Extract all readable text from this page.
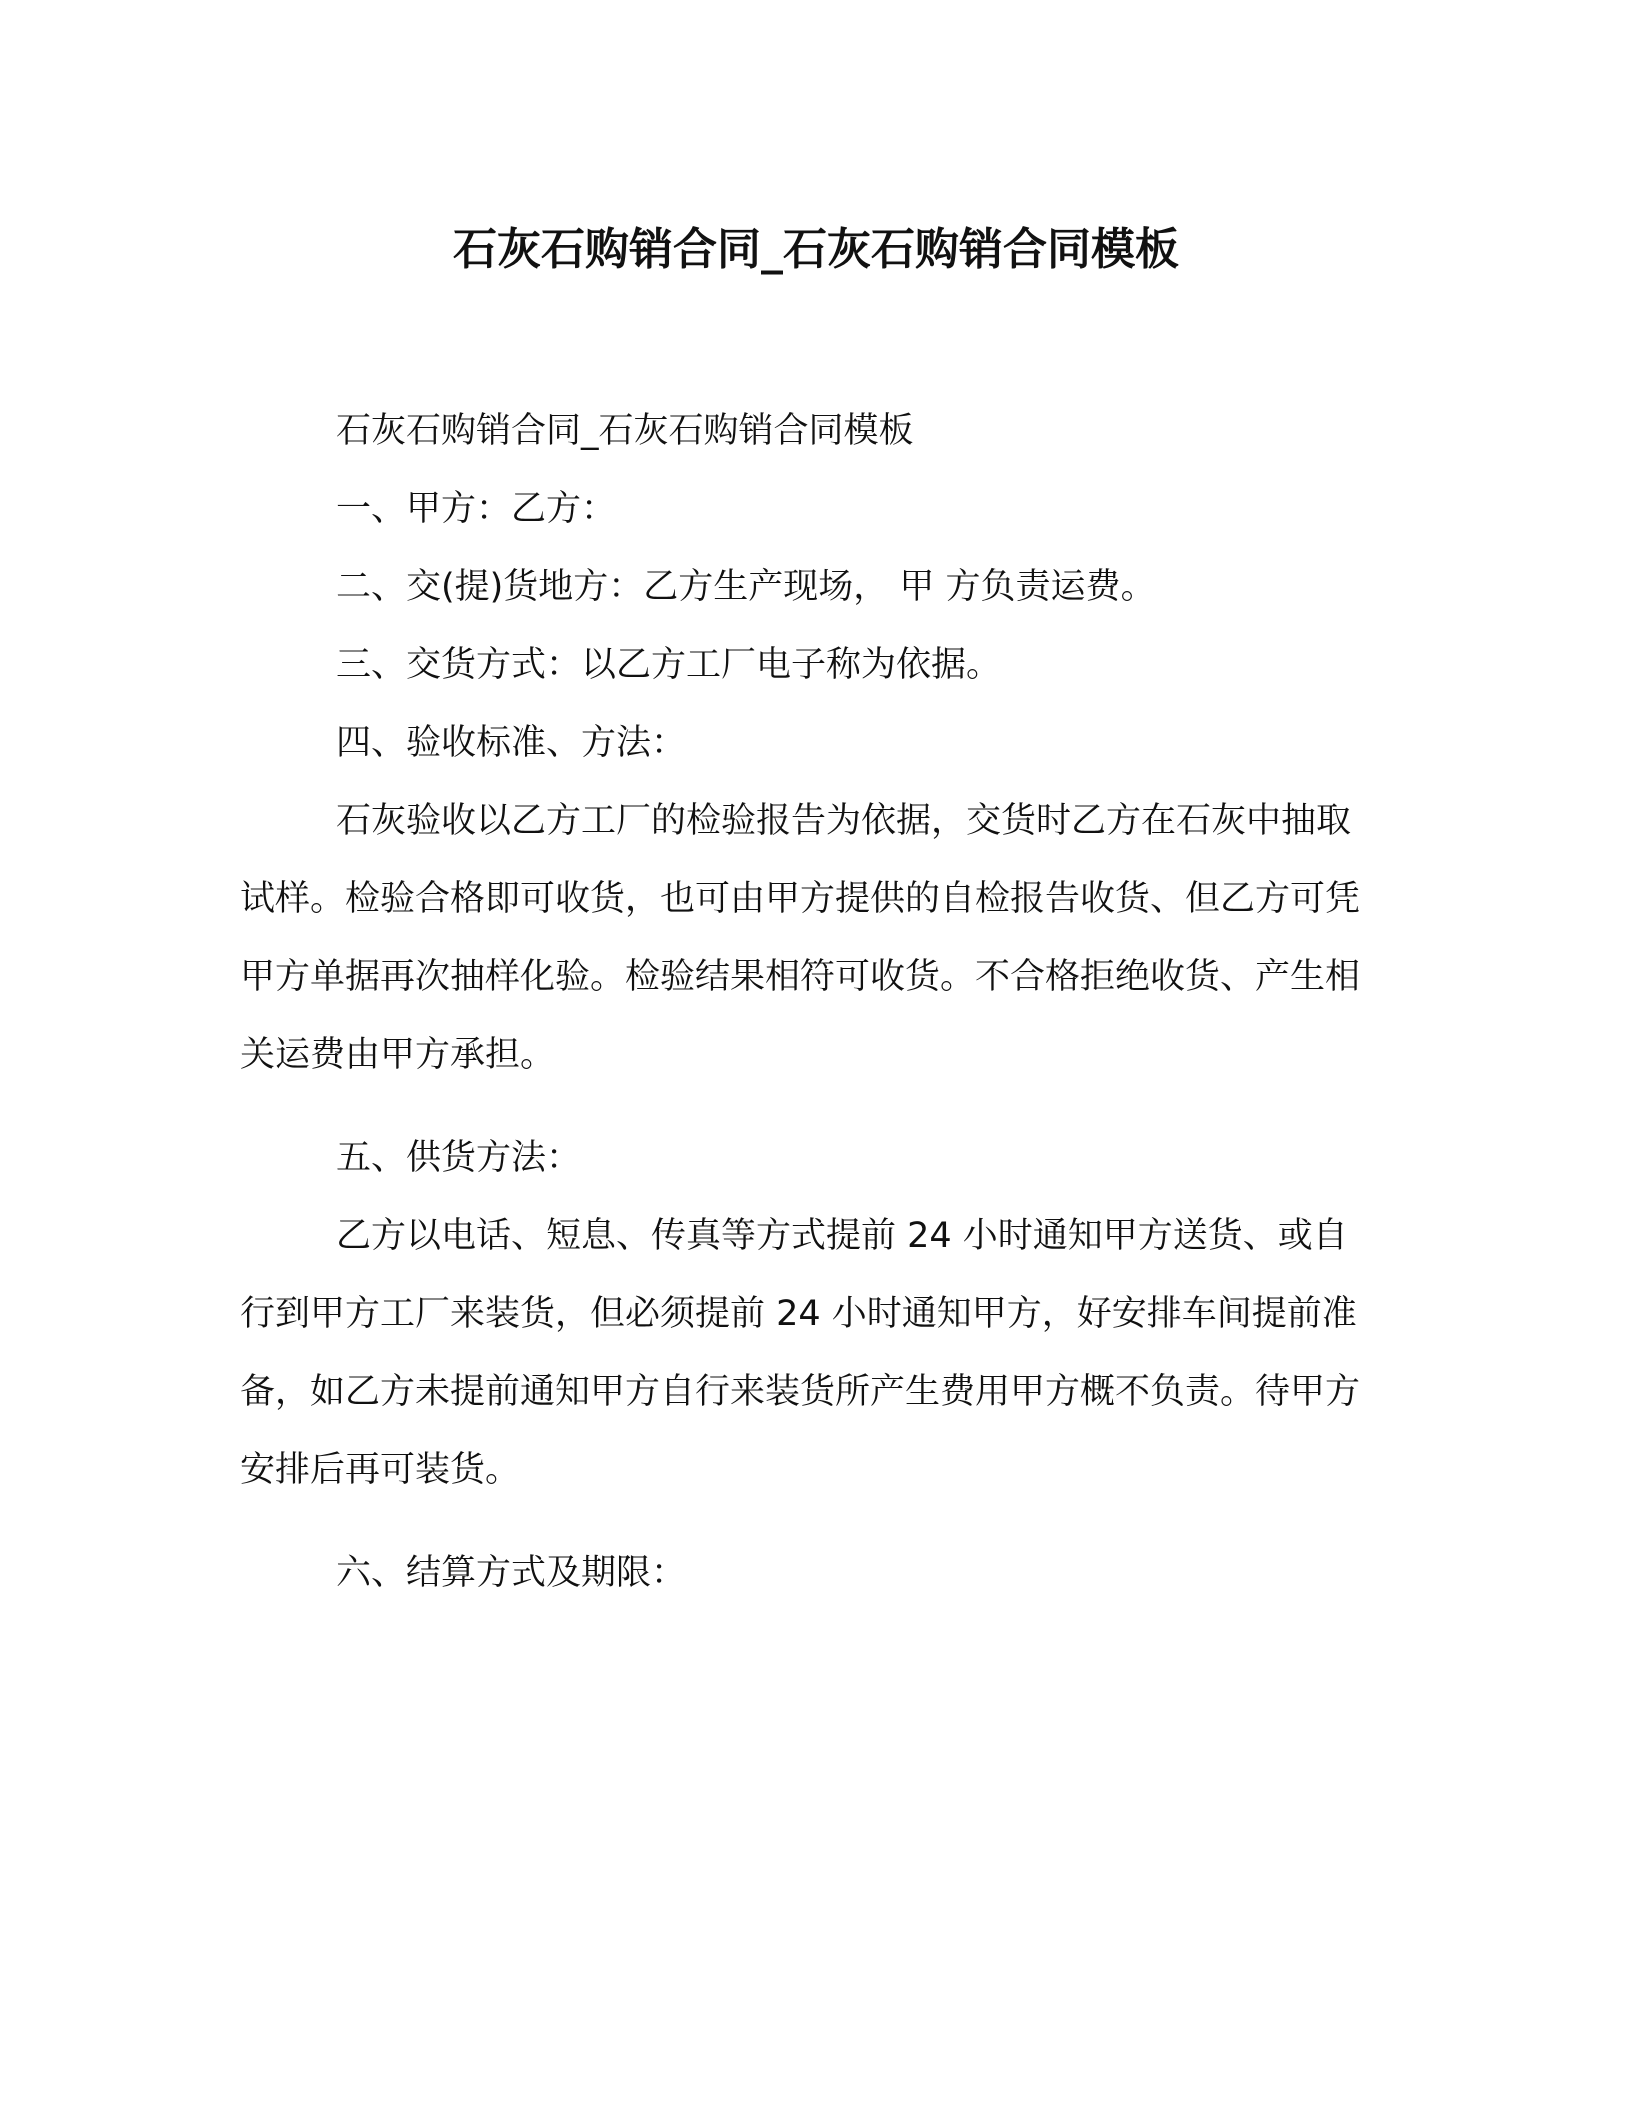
石灰石购销合同_石灰石购销合同模板

石灰石购销合同_石灰石购销合同模板

一、甲方：乙方：

二、交(提)货地方：乙方生产现场， 甲 方负责运费。

三、交货方式：以乙方工厂电子称为依据。

四、验收标准、方法：

石灰验收以乙方工厂的检验报告为依据，交货时乙方在石灰中抽取试样。检验合格即可收货，也可由甲方提供的自检报告收货、但乙方可凭甲方单据再次抽样化验。检验结果相符可收货。不合格拒绝收货、产生相关运费由甲方承担。

五、供货方法：

乙方以电话、短息、传真等方式提前 24 小时通知甲方送货、或自行到甲方工厂来装货，但必须提前 24 小时通知甲方，好安排车间提前准备，如乙方未提前通知甲方自行来装货所产生费用甲方概不负责。待甲方安排后再可装货。

六、结算方式及期限：
